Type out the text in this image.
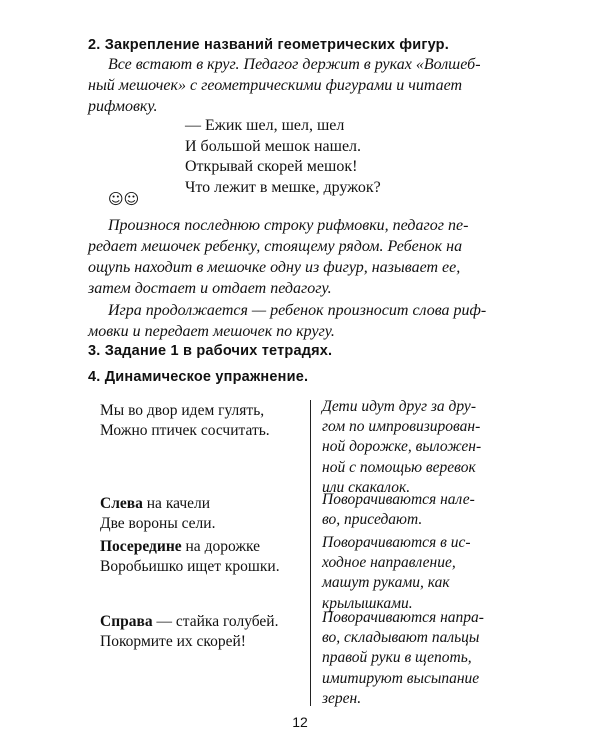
2. Закрепление названий геометрических фигур.

Все встают в круг. Педагог держит в руках «Волшеб-

ный мешочек» с геометрическими фигурами и читает

рифмовку.

— Ежик шел, шел, шел
И большой мешок нашел.
Открывай скорей мешок!
Что лежит в мешке, дружок?
☺☺

Произнося последнюю строку рифмовки, педагог пе-

редает мешочек ребенку, стоящему рядом. Ребенок на

ощупь находит в мешочке одну из фигур, называет ее,

затем достает и отдает педагогу.

Игра продолжается — ребенок произносит слова риф-

мовки и передает мешочек по кругу.

3. Задание 1 в рабочих тетрадях.
4. Динамическое упражнение.
Мы во двор идем гулять,
Можно птичек сосчитать.
Дети идут друг за дру-
гом по импровизирован-
ной дорожке, выложен-
ной с помощью веревок
или скакалок.
Слева на качели
Две вороны сели.
Поворачиваются нале-
во, приседают.
Посередине на дорожке
Воробьишко ищет крошки.
Поворачиваются в ис-
ходное направление,
машут руками, как
крылышками.
Справа — стайка голубей.
Покормите их скорей!
Поворачиваются напра-
во, складывают пальцы
правой руки в щепоть,
имитируют высыпание
зерен.
12
